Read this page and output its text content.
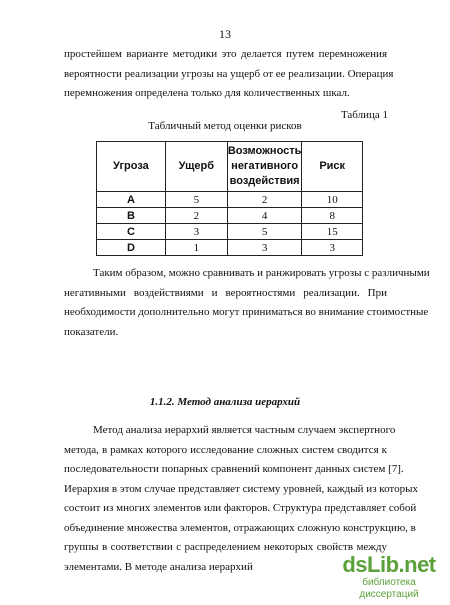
13
простейшем варианте методики это делается путем перемножения
вероятности реализации угрозы на ущерб от ее реализации. Операция
перемножения определена только для количественных шкал.
Таблица 1
Табличный метод оценки рисков
Угроза	Ущерб	Возможность
негативного
воздействия	Риск
A	5	2	10
B	2	4	8
C	3	5	15
D	1	3	3
Таким образом, можно сравнивать и ранжировать угрозы с различными
негативными воздействиями и вероятностями реализации. При
необходимости дополнительно могут приниматься во внимание стоимостные
показатели.
1.1.2. Метод анализа иерархий
Метод анализа иерархий является частным случаем экспертного
метода, в рамках которого исследование сложных систем сводится к
последовательности попарных сравнений компонент данных систем [7].
Иерархия в этом случае представляет систему уровней, каждый из которых
состоит из многих элементов или факторов. Структура представляет собой
объединение множества элементов, отражающих сложную конструкцию, в
группы в соответствии с распределением некоторых свойств между
элементами. В методе анализа иерархий	dsLib.net
библиотека диссертаций
